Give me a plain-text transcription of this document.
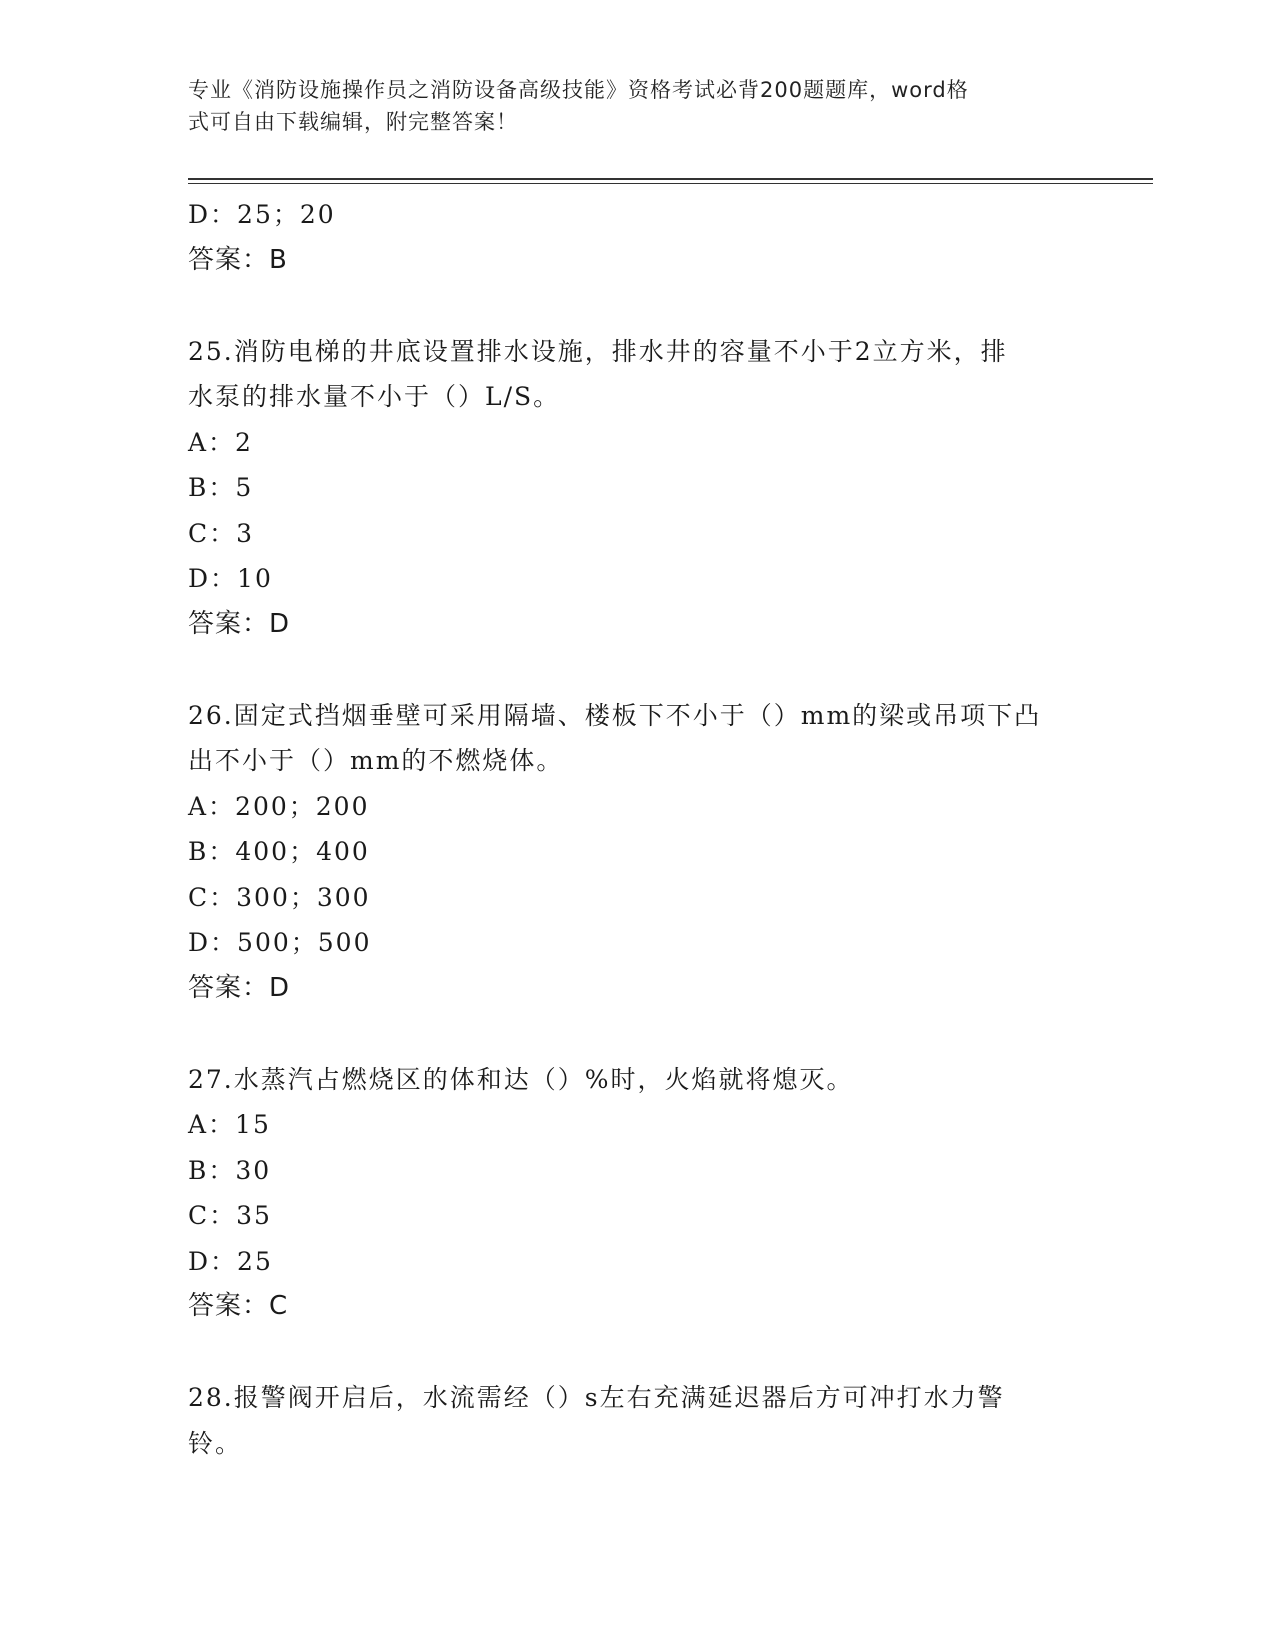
专业《消防设施操作员之消防设备高级技能》资格考试必背200题题库，word格
式可自由下载编辑，附完整答案！
D：25；20
答案：B
25.消防电梯的井底设置排水设施，排水井的容量不小于2立方米，排
水泵的排水量不小于（）L/S。
A：2
B：5
C：3
D：10
答案：D
26.固定式挡烟垂壁可采用隔墙、楼板下不小于（）mm的梁或吊项下凸
出不小于（）mm的不燃烧体。
A：200；200
B：400；400
C：300；300
D：500；500
答案：D
27.水蒸汽占燃烧区的体和达（）%时，火焰就将熄灭。
A：15
B：30
C：35
D：25
答案：C
28.报警阀开启后，水流需经（）s左右充满延迟器后方可冲打水力警
铃。
